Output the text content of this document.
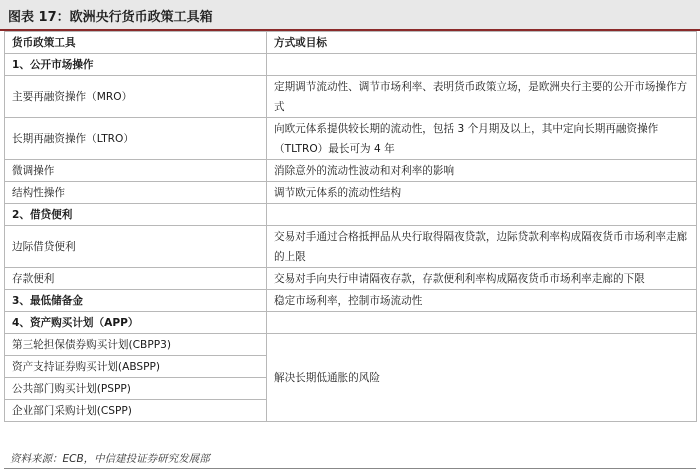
图表 17：欧洲央行货币政策工具箱
货币政策工具	方式或目标
1、公开市场操作	
主要再融资操作（MRO）	定期调节流动性、调节市场利率、表明货币政策立场，是欧洲央行主要的公开市场操作方式
长期再融资操作（LTRO）	向欧元体系提供较长期的流动性，包括 3 个月期及以上，其中定向长期再融资操作（TLTRO）最长可为 4 年
微调操作	消除意外的流动性波动和对利率的影响
结构性操作	调节欧元体系的流动性结构
2、借贷便利	
边际借贷便利	交易对手通过合格抵押品从央行取得隔夜贷款，边际贷款利率构成隔夜货币市场利率走廊的上限
存款便利	交易对手向央行申请隔夜存款，存款便利利率构成隔夜货币市场利率走廊的下限
3、最低储备金	稳定市场利率，控制市场流动性
4、资产购买计划（APP）	
第三轮担保债券购买计划(CBPP3)	解决长期低通胀的风险
资产支持证券购买计划(ABSPP)	
公共部门购买计划(PSPP)	
企业部门采购计划(CSPP)	
资料来源：ECB，中信建投证券研究发展部
